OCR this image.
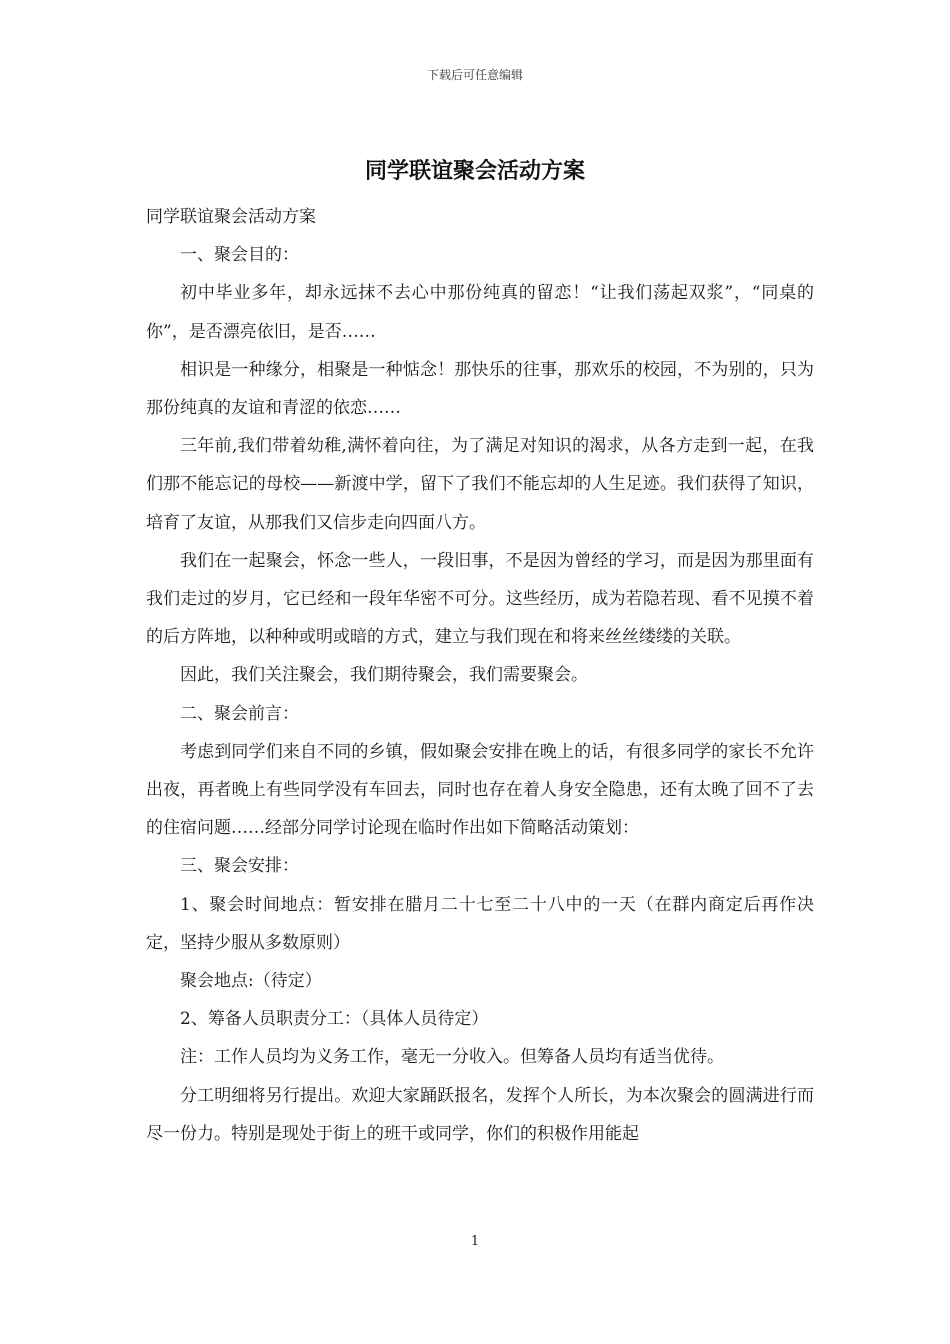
下载后可任意编辑
同学联谊聚会活动方案

同学联谊聚会活动方案

一、聚会目的：

初中毕业多年，却永远抹不去心中那份纯真的留恋！“让我们荡起双浆”，“同桌的你”，是否漂亮依旧，是否……

相识是一种缘分，相聚是一种惦念！那快乐的往事，那欢乐的校园，不为别的，只为那份纯真的友谊和青涩的依恋……

三年前,我们带着幼稚,满怀着向往，为了满足对知识的渴求，从各方走到一起，在我们那不能忘记的母校——新渡中学，留下了我们不能忘却的人生足迹。我们获得了知识，培育了友谊，从那我们又信步走向四面八方。

我们在一起聚会，怀念一些人，一段旧事，不是因为曾经的学习，而是因为那里面有我们走过的岁月，它已经和一段年华密不可分。这些经历，成为若隐若现、看不见摸不着的后方阵地，以种种或明或暗的方式，建立与我们现在和将来丝丝缕缕的关联。

因此，我们关注聚会，我们期待聚会，我们需要聚会。

二、聚会前言：

考虑到同学们来自不同的乡镇，假如聚会安排在晚上的话，有很多同学的家长不允许出夜，再者晚上有些同学没有车回去，同时也存在着人身安全隐患，还有太晚了回不了去的住宿问题……经部分同学讨论现在临时作出如下简略活动策划：

三、聚会安排：

1、聚会时间地点：暂安排在腊月二十七至二十八中的一天（在群内商定后再作决定，坚持少服从多数原则）

聚会地点:（待定）

2、筹备人员职责分工：（具体人员待定）

注：工作人员均为义务工作，毫无一分收入。但筹备人员均有适当优待。

分工明细将另行提出。欢迎大家踊跃报名，发挥个人所长，为本次聚会的圆满进行而尽一份力。特别是现处于街上的班干或同学，你们的积极作用能起

1
